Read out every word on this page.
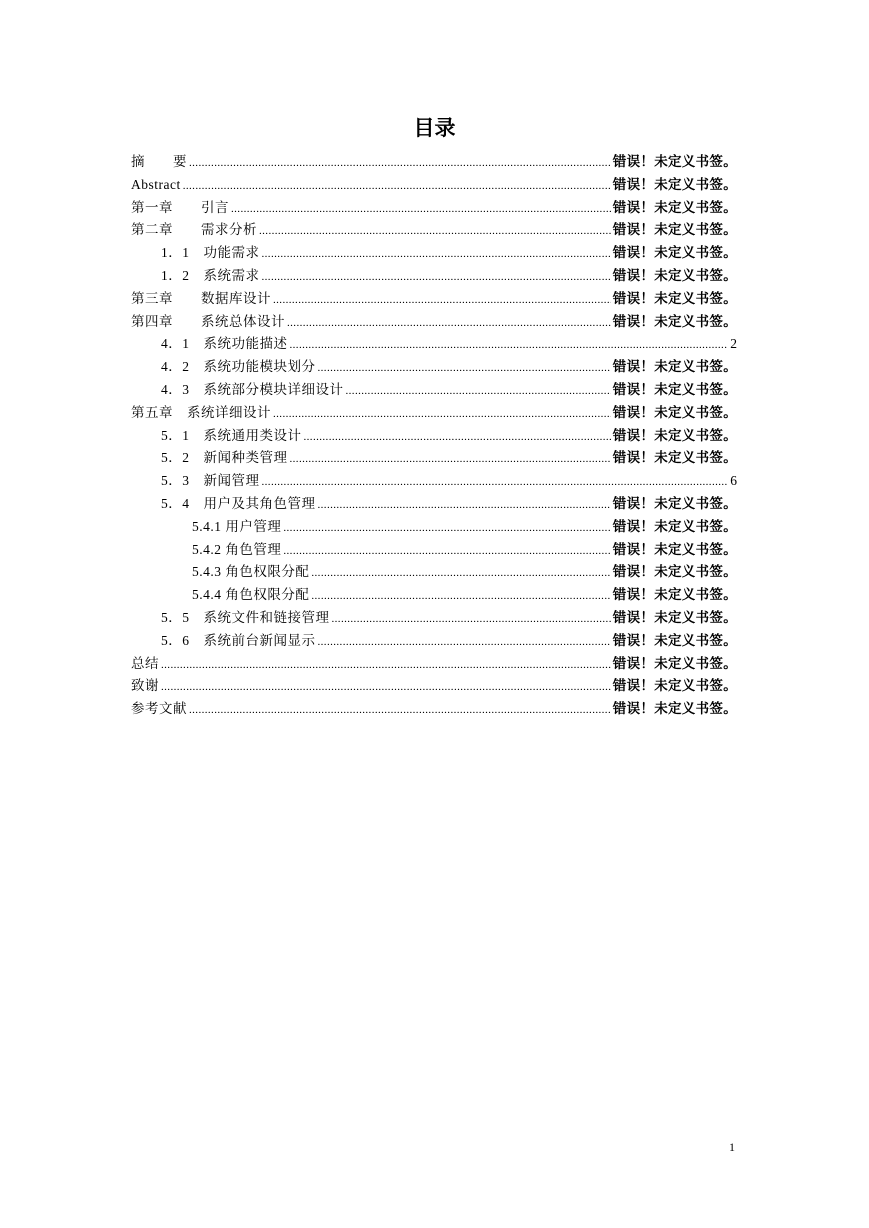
目录
摘　　要 .....	错误！未定义书签。
Abstract .....	错误！未定义书签。
第一章　　引言 .....	错误！未定义书签。
第二章　　需求分析 .....	错误！未定义书签。
1．1　功能需求 .....	错误！未定义书签。
1．2　系统需求 .....	错误！未定义书签。
第三章　　数据库设计 .....	错误！未定义书签。
第四章　　系统总体设计 .....	错误！未定义书签。
4．1　系统功能描述 .....	2
4．2　系统功能模块划分 .....	错误！未定义书签。
4．3　系统部分模块详细设计 .....	错误！未定义书签。
第五章　系统详细设计 .....	错误！未定义书签。
5．1　系统通用类设计 .....	错误！未定义书签。
5．2　新闻种类管理 .....	错误！未定义书签。
5．3　新闻管理 .....	6
5．4　用户及其角色管理 .....	错误！未定义书签。
5.4.1 用户管理 .....	错误！未定义书签。
5.4.2 角色管理 .....	错误！未定义书签。
5.4.3 角色权限分配 .....	错误！未定义书签。
5.4.4 角色权限分配 .....	错误！未定义书签。
5．5　系统文件和链接管理 .....	错误！未定义书签。
5．6　系统前台新闻显示 .....	错误！未定义书签。
总结 .....	错误！未定义书签。
致谢 .....	错误！未定义书签。
参考文献 .....	错误！未定义书签。
1
